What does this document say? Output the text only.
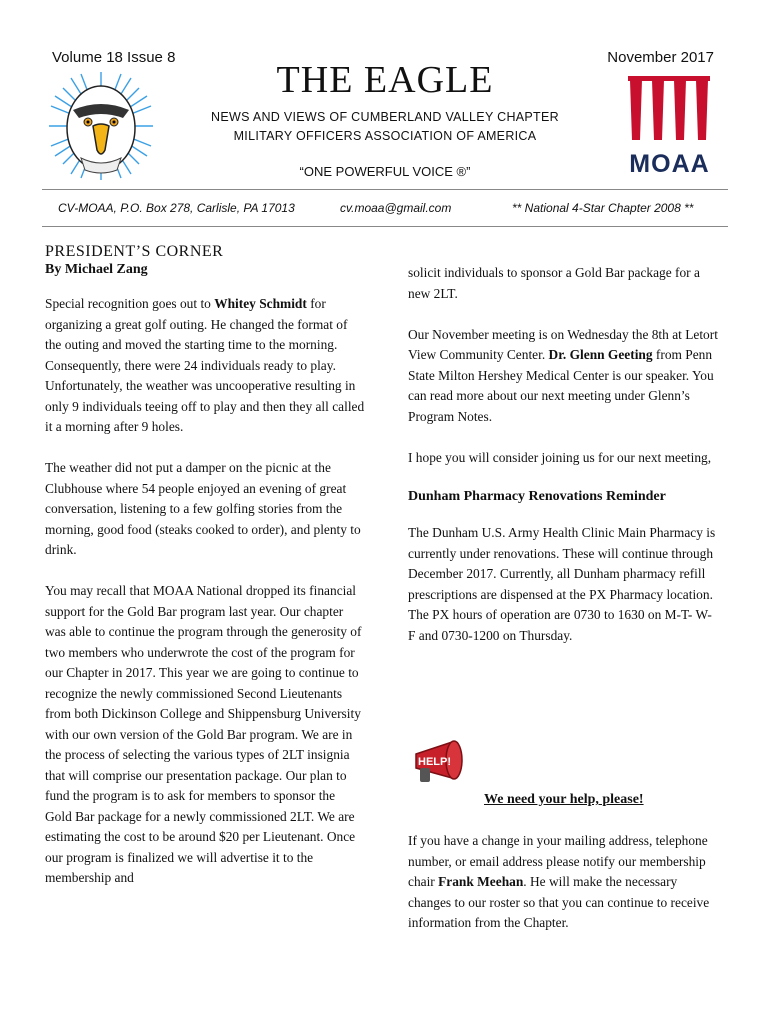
Volume 18 Issue 8	November 2017
THE EAGLE
NEWS AND VIEWS OF CUMBERLAND VALLEY CHAPTER
MILITARY OFFICERS ASSOCIATION OF AMERICA
“ONE POWERFUL VOICE ®”	MOAA
CV-MOAA, P.O. Box 278, Carlisle, PA 17013	cv.moaa@gmail.com	** National 4-Star Chapter 2008 **
PRESIDENT’S CORNER
By Michael Zang

Special recognition goes out to Whitey Schmidt for organizing a great golf outing. He changed the format of the outing and moved the starting time to the morning. Consequently, there were 24 individuals ready to play. Unfortunately, the weather was uncooperative resulting in only 9 individuals teeing off to play and then they all called it a morning after 9 holes.

The weather did not put a damper on the picnic at the Clubhouse where 54 people enjoyed an evening of great conversation, listening to a few golfing stories from the morning, good food (steaks cooked to order), and plenty to drink.

You may recall that MOAA National dropped its financial support for the Gold Bar program last year. Our chapter was able to continue the program through the generosity of two members who underwrote the cost of the program for our Chapter in 2017. This year we are going to continue to recognize the newly commissioned Second Lieutenants from both Dickinson College and Shippensburg University with our own version of the Gold Bar program. We are in the process of selecting the various types of 2LT insignia that will comprise our presentation package. Our plan to fund the program is to ask for members to sponsor the Gold Bar package for a newly commissioned 2LT. We are estimating the cost to be around $20 per Lieutenant. Once our program is finalized we will advertise it to the membership and

solicit individuals to sponsor a Gold Bar package for a new 2LT.

Our November meeting is on Wednesday the 8th at Letort View Community Center. Dr. Glenn Geeting from Penn State Milton Hershey Medical Center is our speaker. You can read more about our next meeting under Glenn’s Program Notes.

I hope you will consider joining us for our next meeting,

Dunham Pharmacy Renovations Reminder

The Dunham U.S. Army Health Clinic Main Pharmacy is currently under renovations. These will continue through December 2017. Currently, all Dunham pharmacy refill prescriptions are dispensed at the PX Pharmacy location. The PX hours of operation are 0730 to 1630 on M-T- W- F and 0730-1200 on Thursday.

HELP!
We need your help, please!
If you have a change in your mailing address, telephone number, or email address please notify our membership chair Frank Meehan. He will make the necessary changes to our roster so that you can continue to receive information from the Chapter.
